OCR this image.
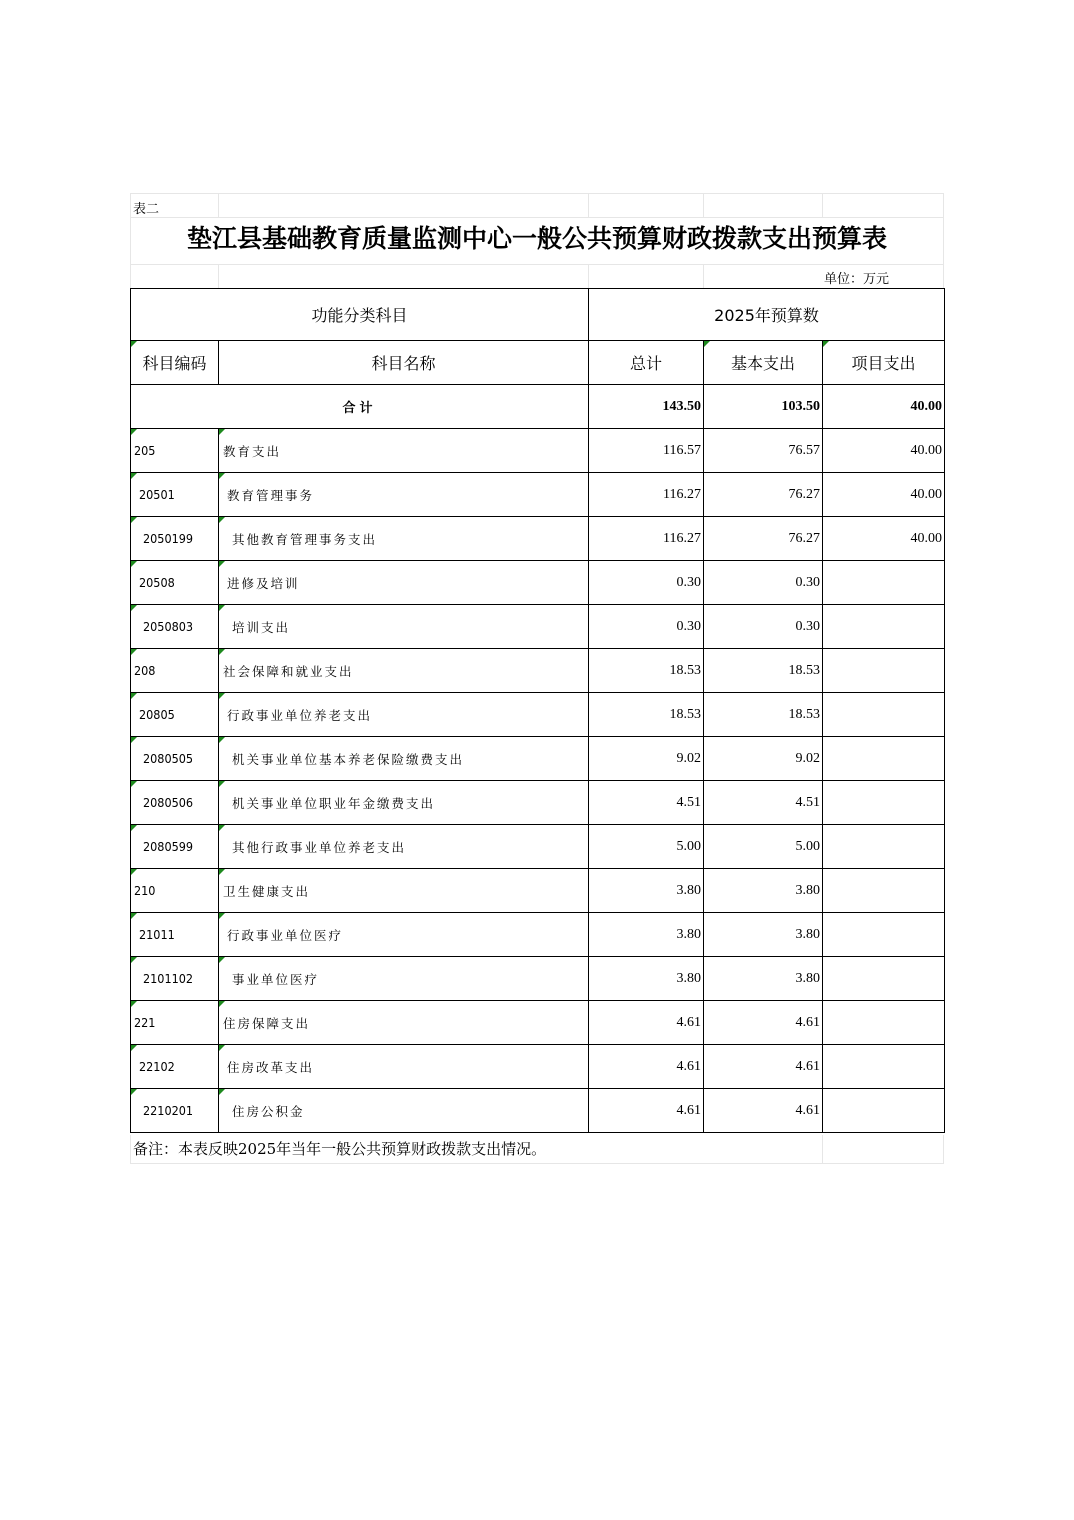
表二
垫江县基础教育质量监测中心一般公共预算财政拨款支出预算表
单位：万元
功能分类科目		2025年预算数		
科目编码	科目名称	总计	基本支出	项目支出
合计		143.50	103.50	40.00
205	教育支出	116.57	76.57	40.00
20501	教育管理事务	116.27	76.27	40.00
2050199	其他教育管理事务支出	116.27	76.27	40.00
20508	进修及培训	0.30	0.30	
2050803	培训支出	0.30	0.30	
208	社会保障和就业支出	18.53	18.53	
20805	行政事业单位养老支出	18.53	18.53	
2080505	机关事业单位基本养老保险缴费支出	9.02	9.02	
2080506	机关事业单位职业年金缴费支出	4.51	4.51	
2080599	其他行政事业单位养老支出	5.00	5.00	
210	卫生健康支出	3.80	3.80	
21011	行政事业单位医疗	3.80	3.80	
2101102	事业单位医疗	3.80	3.80	
221	住房保障支出	4.61	4.61	
22102	住房改革支出	4.61	4.61	
2210201	住房公积金	4.61	4.61	
备注：本表反映2025年当年一般公共预算财政拨款支出情况。
